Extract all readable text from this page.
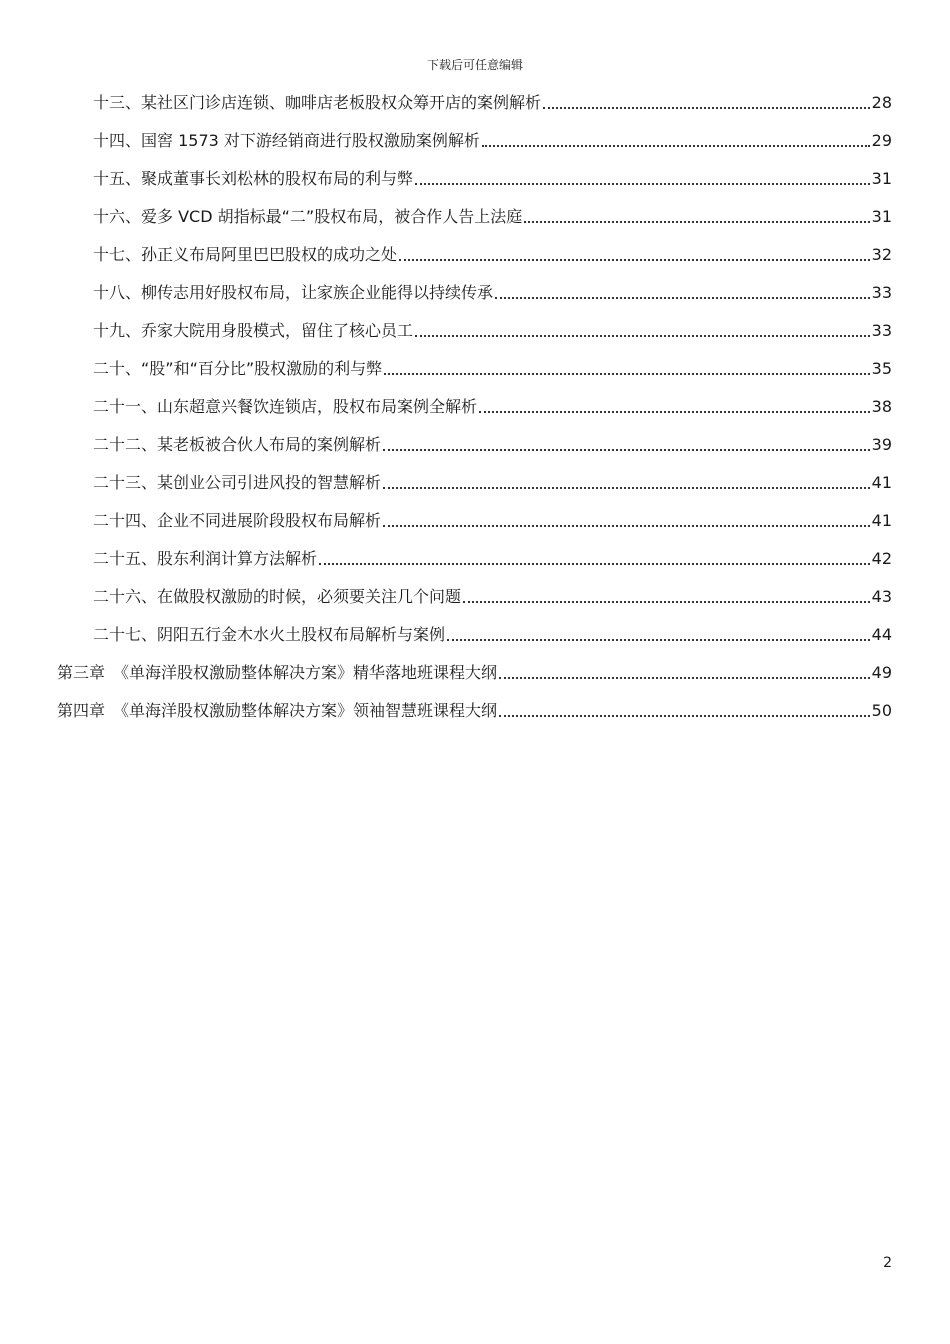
下载后可任意编辑
十三、某社区门诊店连锁、咖啡店老板股权众筹开店的案例解析	28
十四、国窖 1573 对下游经销商进行股权激励案例解析	29
十五、聚成董事长刘松林的股权布局的利与弊	31
十六、爱多 VCD 胡指标最“二”股权布局，被合作人告上法庭	31
十七、孙正义布局阿里巴巴股权的成功之处	32
十八、柳传志用好股权布局，让家族企业能得以持续传承	33
十九、乔家大院用身股模式，留住了核心员工	33
二十、“股”和“百分比”股权激励的利与弊	35
二十一、山东超意兴餐饮连锁店，股权布局案例全解析	38
二十二、某老板被合伙人布局的案例解析	39
二十三、某创业公司引进风投的智慧解析	41
二十四、企业不同进展阶段股权布局解析	41
二十五、股东利润计算方法解析	42
二十六、在做股权激励的时候，必须要关注几个问题	43
二十七、阴阳五行金木水火土股权布局解析与案例	44
第三章　《单海洋股权激励整体解决方案》精华落地班课程大纲	49
第四章　《单海洋股权激励整体解决方案》领袖智慧班课程大纲	50
2
